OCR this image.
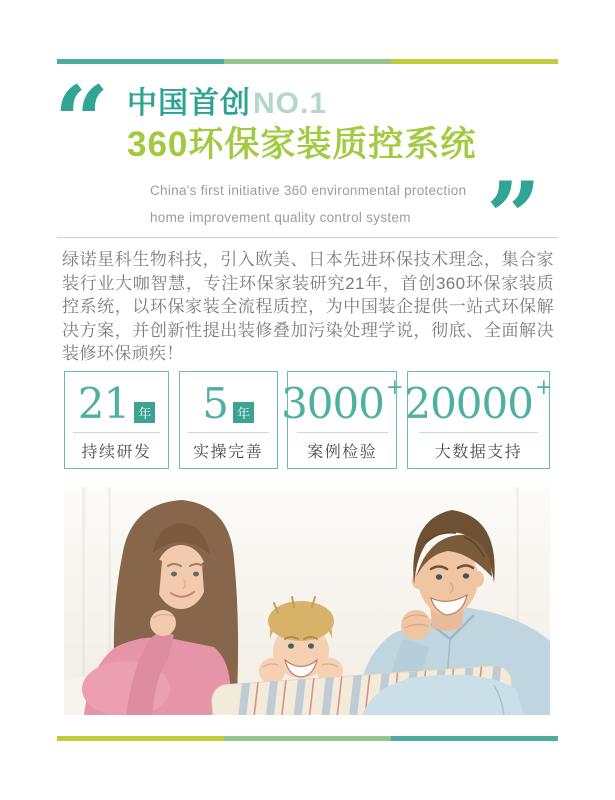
“ 中国首创NO.1
360环保家装质控系统
China's first initiative 360 environmental protection
home improvement quality control system ”
绿诺星科生物科技，引入欧美、日本先进环保技术理念，集合家装行业大咖智慧，专注环保家装研究21年，首创360环保家装质控系统，以环保家装全流程质控，为中国装企提供一站式环保解决方案，并创新性提出装修叠加污染处理学说，彻底、全面解决装修环保顽疾！
21 年
持续研发
5 年
实操完善
3000 +
案例检验
20000 +
大数据支持
